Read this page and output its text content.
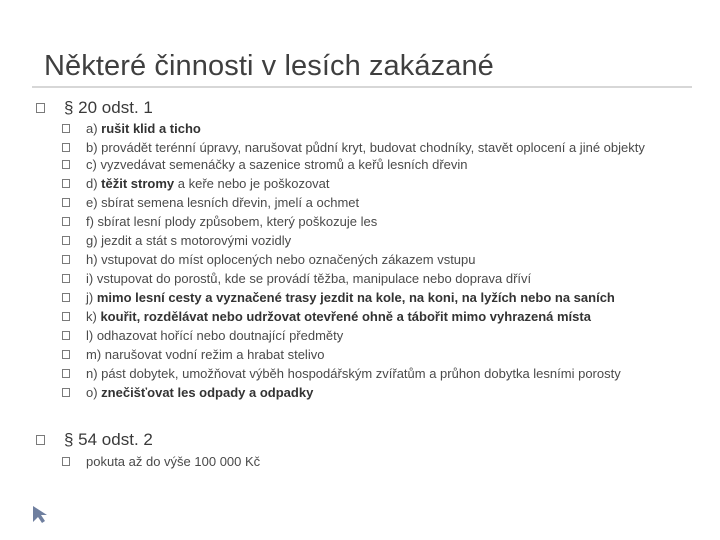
Některé činnosti v lesích zakázané
§ 20 odst. 1
a) rušit klid a ticho
b) provádět terénní úpravy, narušovat půdní kryt, budovat chodníky, stavět oplocení a jiné objekty
c) vyzvedávat semenáčky a sazenice stromů a keřů lesních dřevin
d) těžit stromy a keře nebo je poškozovat
e) sbírat semena lesních dřevin, jmelí a ochmet
f) sbírat lesní plody způsobem, který poškozuje les
g) jezdit a stát s motorovými vozidly
h) vstupovat do míst oplocených nebo označených zákazem vstupu
i) vstupovat do porostů, kde se provádí těžba, manipulace nebo doprava dříví
j) mimo lesní cesty a vyznačené trasy jezdit na kole, na koni, na lyžích nebo na saních
k) kouřit, rozdělávat nebo udržovat otevřené ohně a tábořit mimo vyhrazená místa
l) odhazovat hořící nebo doutnající předměty
m) narušovat vodní režim a hrabat stelivo
n) pást dobytek, umožňovat výběh hospodářským zvířatům a průhon dobytka lesními porosty
o) znečišťovat les odpady a odpadky
§ 54 odst. 2
pokuta až do výše 100 000 Kč
